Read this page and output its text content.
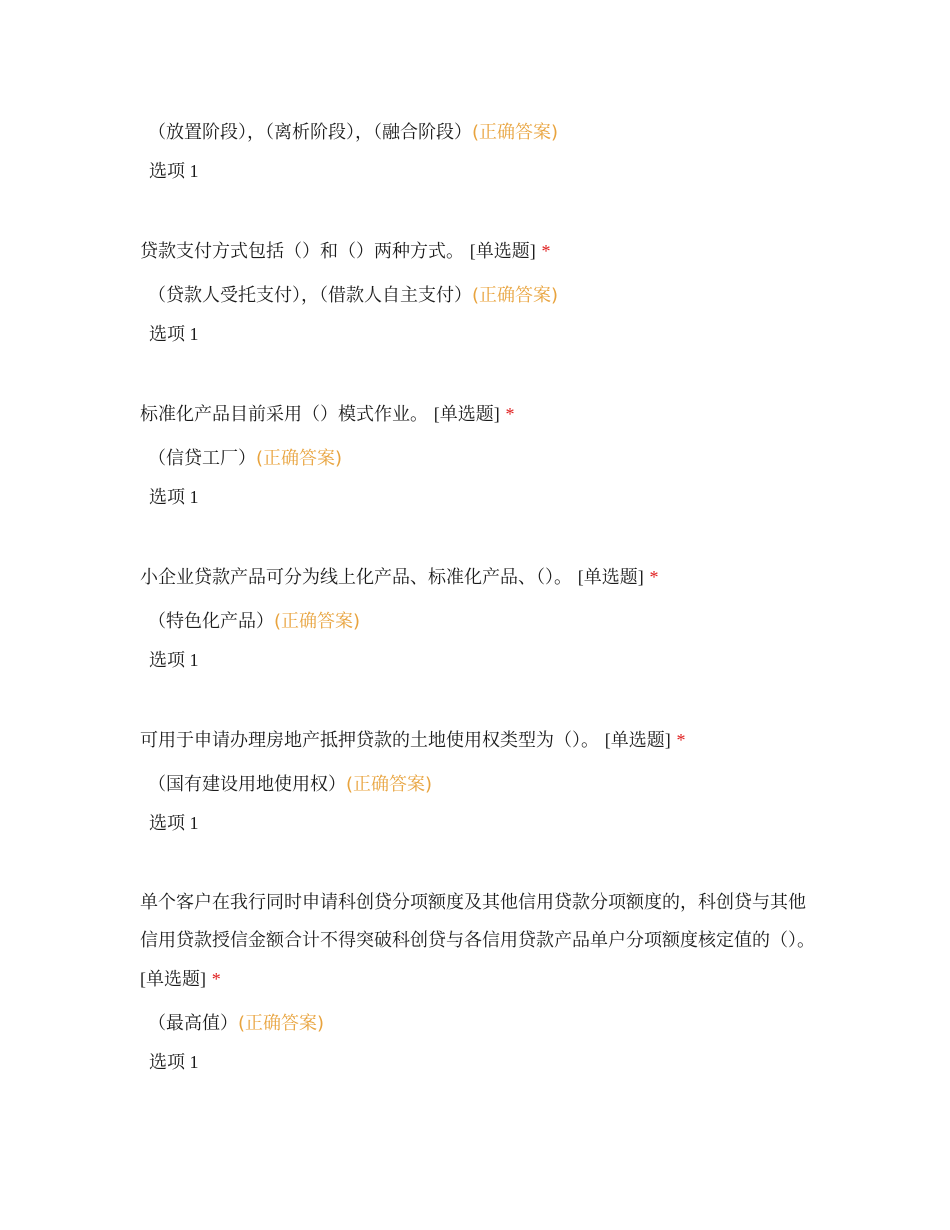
（放置阶段），（离析阶段），（融合阶段）(正确答案)
选项 1
贷款支付方式包括（）和（）两种方式。 [单选题] *
（贷款人受托支付），（借款人自主支付）(正确答案)
选项 1
标准化产品目前采用（）模式作业。 [单选题] *
（信贷工厂）(正确答案)
选项 1
小企业贷款产品可分为线上化产品、标准化产品、（）。 [单选题] *
（特色化产品）(正确答案)
选项 1
可用于申请办理房地产抵押贷款的土地使用权类型为（）。 [单选题] *
（国有建设用地使用权）(正确答案)
选项 1
单个客户在我行同时申请科创贷分项额度及其他信用贷款分项额度的，科创贷与其他信用贷款授信金额合计不得突破科创贷与各信用贷款产品单户分项额度核定值的（）。 [单选题] *
（最高值）(正确答案)
选项 1
